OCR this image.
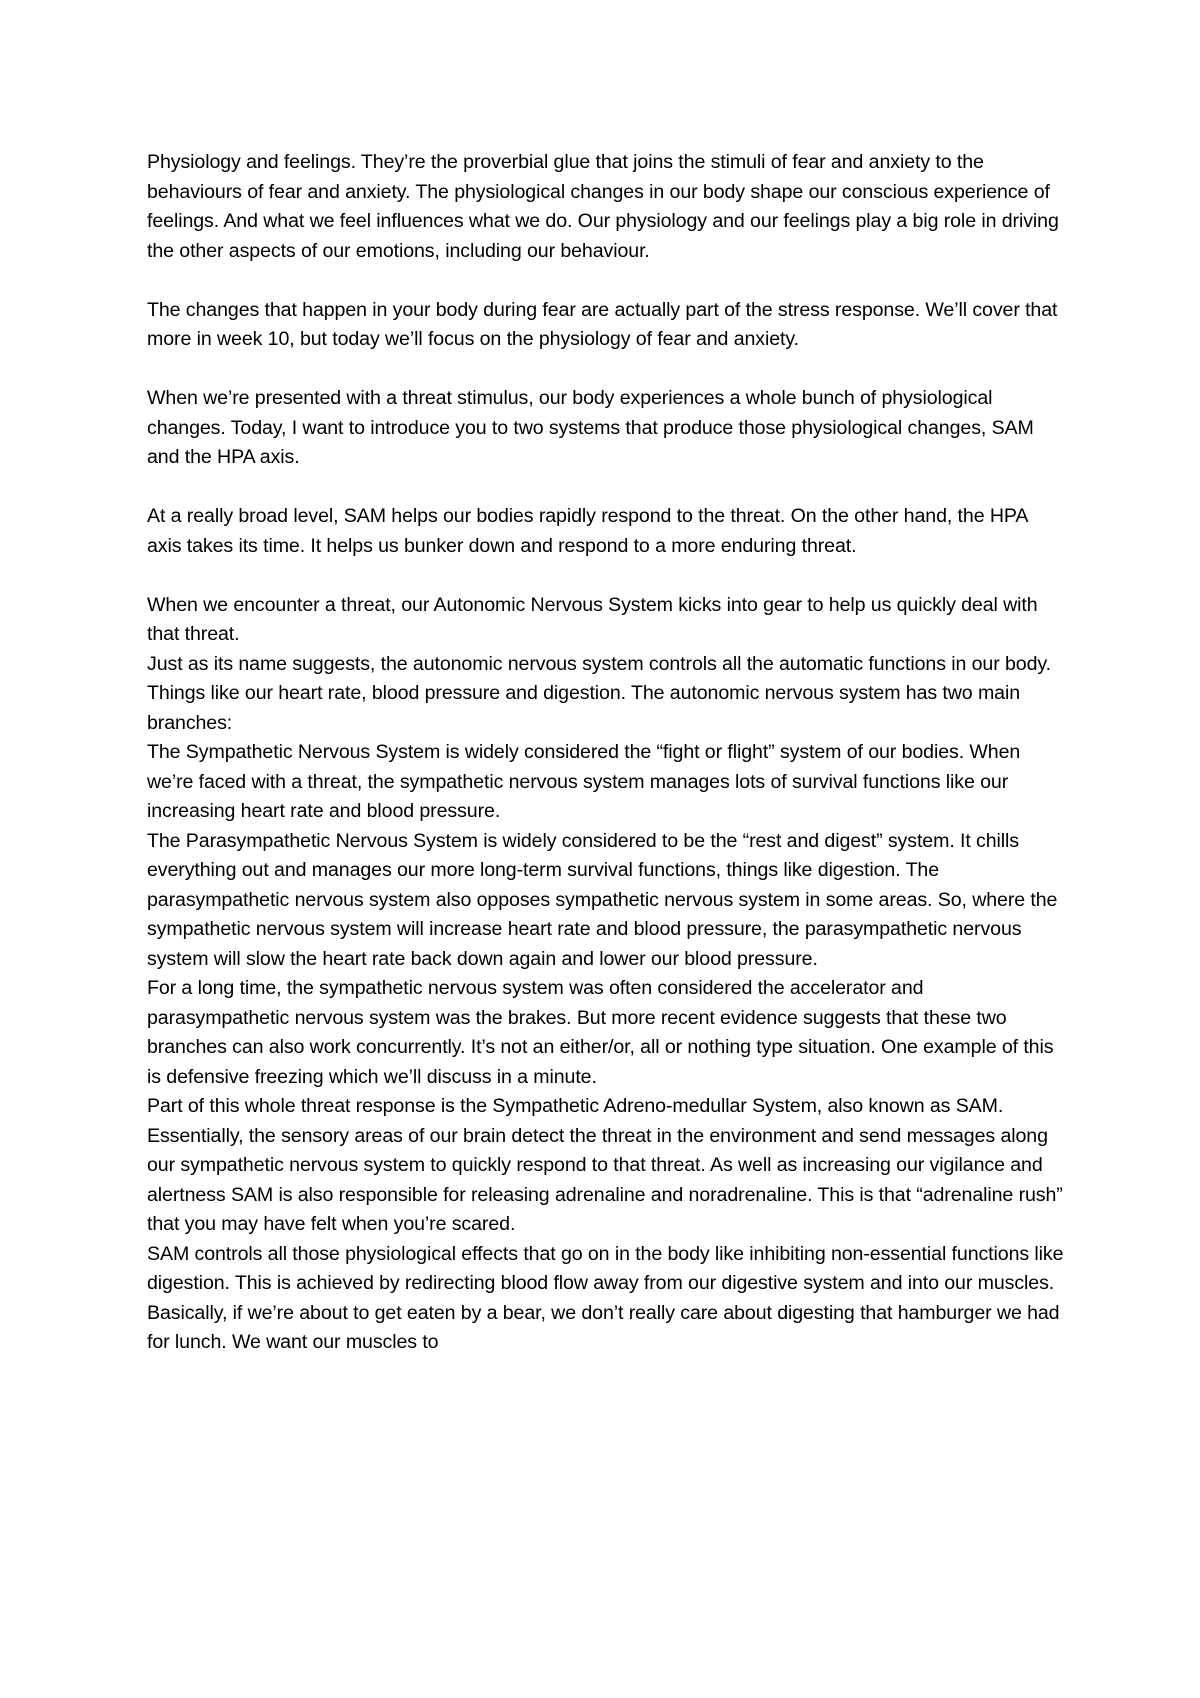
Physiology and feelings. They’re the proverbial glue that joins the stimuli of fear and anxiety to the behaviours of fear and anxiety. The physiological changes in our body shape our conscious experience of feelings. And what we feel influences what we do. Our physiology and our feelings play a big role in driving the other aspects of our emotions, including our behaviour.

The changes that happen in your body during fear are actually part of the stress response. We’ll cover that more in week 10, but today we’ll focus on the physiology of fear and anxiety.

When we’re presented with a threat stimulus, our body experiences a whole bunch of physiological changes. Today, I want to introduce you to two systems that produce those physiological changes, SAM and the HPA axis.

At a really broad level, SAM helps our bodies rapidly respond to the threat. On the other hand, the HPA axis takes its time. It helps us bunker down and respond to a more enduring threat.

When we encounter a threat, our Autonomic Nervous System kicks into gear to help us quickly deal with that threat.

Just as its name suggests, the autonomic nervous system controls all the automatic functions in our body. Things like our heart rate, blood pressure and digestion. The autonomic nervous system has two main branches:

The Sympathetic Nervous System is widely considered the “fight or flight” system of our bodies. When we’re faced with a threat, the sympathetic nervous system manages lots of survival functions like our increasing heart rate and blood pressure.

The Parasympathetic Nervous System is widely considered to be the “rest and digest” system. It chills everything out and manages our more long-term survival functions, things like digestion. The parasympathetic nervous system also opposes sympathetic nervous system in some areas. So, where the sympathetic nervous system will increase heart rate and blood pressure, the parasympathetic nervous system will slow the heart rate back down again and lower our blood pressure.

For a long time, the sympathetic nervous system was often considered the accelerator and parasympathetic nervous system was the brakes. But more recent evidence suggests that these two branches can also work concurrently. It’s not an either/or, all or nothing type situation. One example of this is defensive freezing which we’ll discuss in a minute.

Part of this whole threat response is the Sympathetic Adreno-medullar System, also known as SAM. Essentially, the sensory areas of our brain detect the threat in the environment and send messages along our sympathetic nervous system to quickly respond to that threat. As well as increasing our vigilance and alertness SAM is also responsible for releasing adrenaline and noradrenaline. This is that “adrenaline rush” that you may have felt when you’re scared.

SAM controls all those physiological effects that go on in the body like inhibiting non-essential functions like digestion. This is achieved by redirecting blood flow away from our digestive system and into our muscles. Basically, if we’re about to get eaten by a bear, we don’t really care about digesting that hamburger we had for lunch. We want our muscles to
